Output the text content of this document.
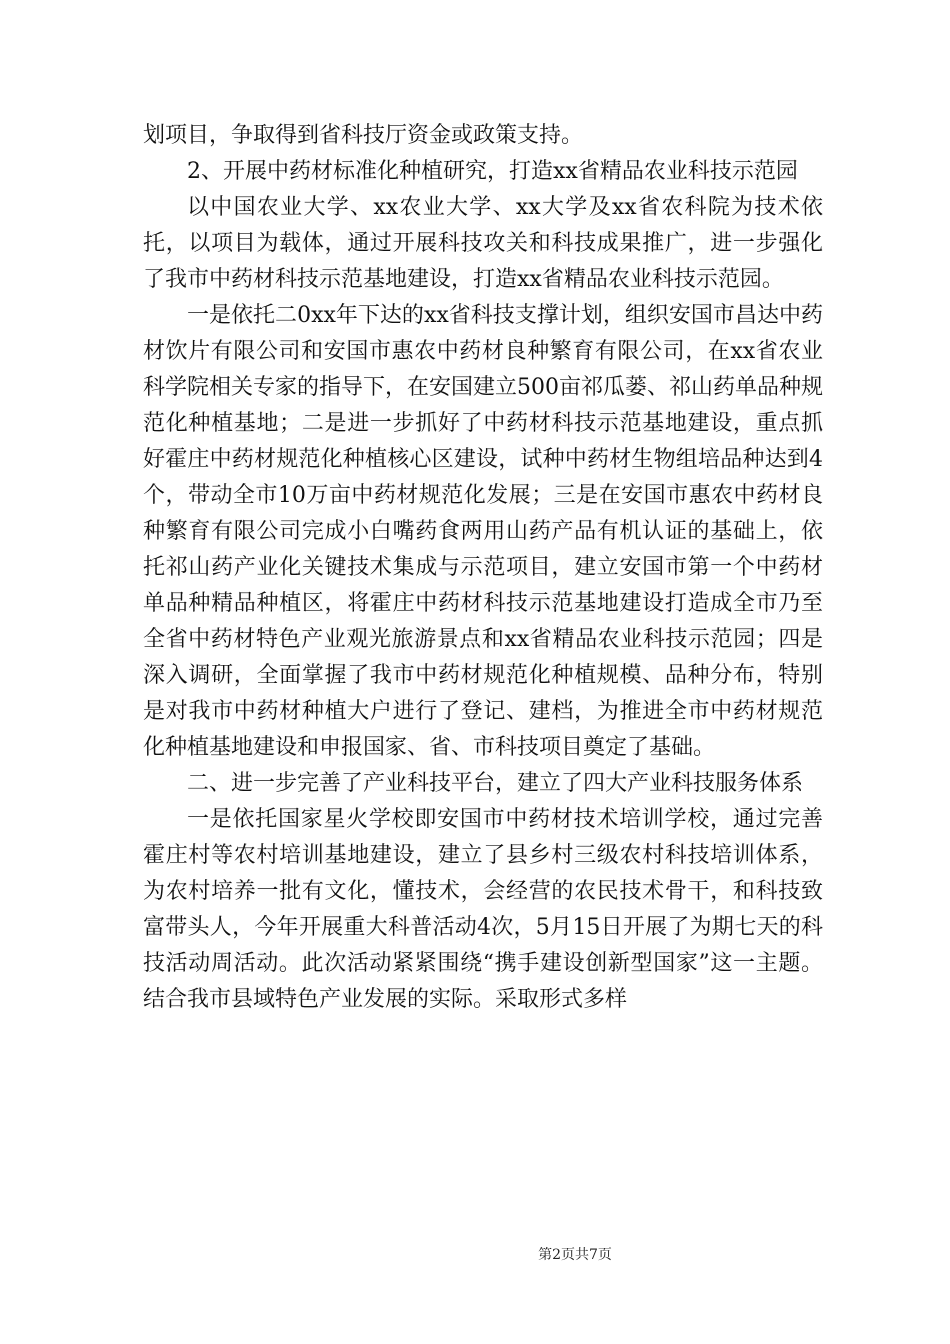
划项目，争取得到省科技厅资金或政策支持。

2、开展中药材标准化种植研究，打造xx省精品农业科技示范园

以中国农业大学、xx农业大学、xx大学及xx省农科院为技术依托，以项目为载体，通过开展科技攻关和科技成果推广，进一步强化了我市中药材科技示范基地建设，打造xx省精品农业科技示范园。

一是依托二0xx年下达的xx省科技支撑计划，组织安国市昌达中药材饮片有限公司和安国市惠农中药材良种繁育有限公司，在xx省农业科学院相关专家的指导下，在安国建立500亩祁瓜蒌、祁山药单品种规范化种植基地；二是进一步抓好了中药材科技示范基地建设，重点抓好霍庄中药材规范化种植核心区建设，试种中药材生物组培品种达到4个，带动全市10万亩中药材规范化发展；三是在安国市惠农中药材良种繁育有限公司完成小白嘴药食两用山药产品有机认证的基础上，依托祁山药产业化关键技术集成与示范项目，建立安国市第一个中药材单品种精品种植区，将霍庄中药材科技示范基地建设打造成全市乃至全省中药材特色产业观光旅游景点和xx省精品农业科技示范园；四是深入调研，全面掌握了我市中药材规范化种植规模、品种分布，特别是对我市中药材种植大户进行了登记、建档，为推进全市中药材规范化种植基地建设和申报国家、省、市科技项目奠定了基础。

二、进一步完善了产业科技平台，建立了四大产业科技服务体系

一是依托国家星火学校即安国市中药材技术培训学校，通过完善霍庄村等农村培训基地建设，建立了县乡村三级农村科技培训体系，为农村培养一批有文化，懂技术，会经营的农民技术骨干，和科技致富带头人，今年开展重大科普活动4次，5月15日开展了为期七天的科技活动周活动。此次活动紧紧围绕“携手建设创新型国家”这一主题。结合我市县域特色产业发展的实际。采取形式多样

第2页共7页
